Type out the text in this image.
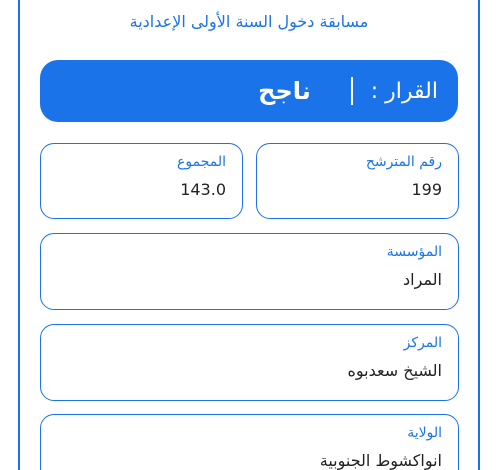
مسابقة دخول السنة الأولى الإعدادية
القرار :
ناجح
رقم المترشح
199
المجموع
143.0
المؤسسة
المراد
المركز
الشيخ سعدبوه
الولاية
انواكشوط الجنوبية
